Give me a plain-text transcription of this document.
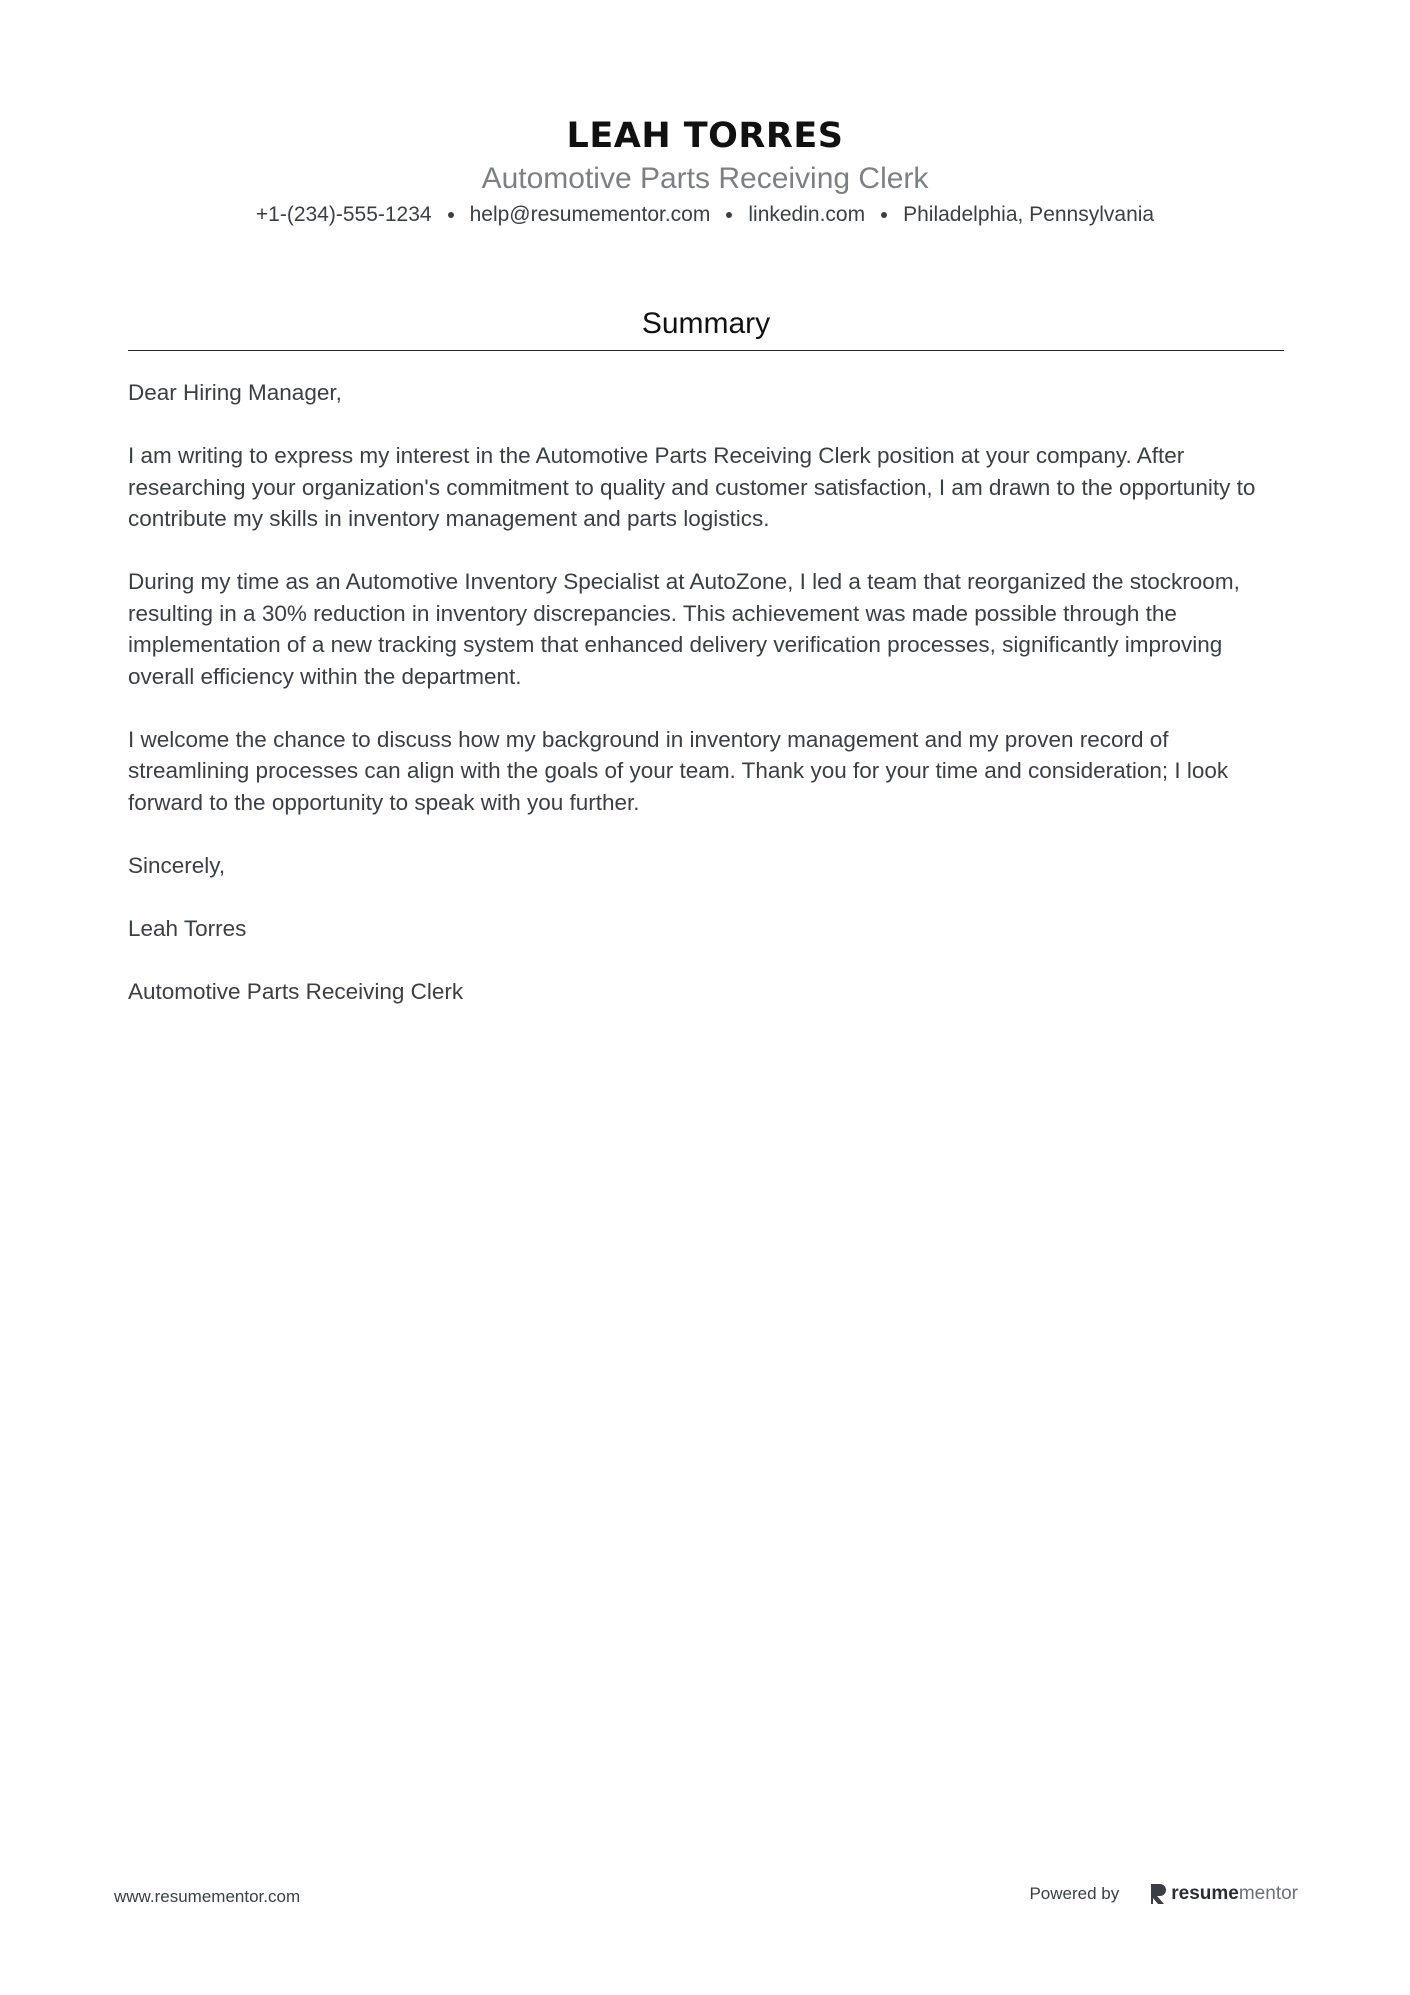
LEAH TORRES
Automotive Parts Receiving Clerk
+1-(234)-555-1234 help@resumementor.com linkedin.com Philadelphia, Pennsylvania
Summary

Dear Hiring Manager,

I am writing to express my interest in the Automotive Parts Receiving Clerk position at your company. After researching your organization's commitment to quality and customer satisfaction, I am drawn to the opportunity to contribute my skills in inventory management and parts logistics.

During my time as an Automotive Inventory Specialist at AutoZone, I led a team that reorganized the stockroom, resulting in a 30% reduction in inventory discrepancies. This achievement was made possible through the implementation of a new tracking system that enhanced delivery verification processes, significantly improving overall efficiency within the department.

I welcome the chance to discuss how my background in inventory management and my proven record of streamlining processes can align with the goals of your team. Thank you for your time and consideration; I look forward to the opportunity to speak with you further.

Sincerely,

Leah Torres

Automotive Parts Receiving Clerk

www.resumementor.com	Powered by	resume mentor
